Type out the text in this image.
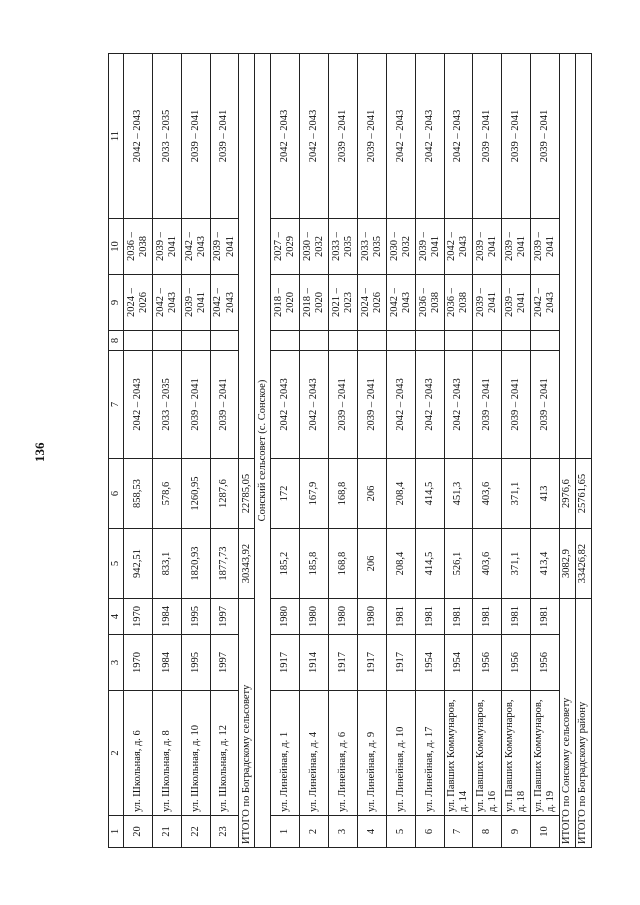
136
1	2	3	4	5	6	7	8	9	10	11
20	ул. Школьная, д. 6	1970	1970	942,51	858,53	2042 – 2043		2024 – 2026	2036 – 2038	2042 – 2043
21	ул. Школьная, д. 8	1984	1984	833,1	578,6	2033 – 2035		2042 – 2043	2039 – 2041	2033 – 2035
22	ул. Школьная, д. 10	1995	1995	1820,93	1260,95	2039 – 2041		2039 – 2041	2042 – 2043	2039 – 2041
23	ул. Школьная, д. 12	1997	1997	1877,73	1287,6	2039 – 2041		2042 – 2043	2039 – 2041	2039 – 2041
ИТОГО по Боградскому сельсовету				30343,92	22785,05					
Сонский сельсовет (с. Сонское)										
1	ул. Линейная, д. 1	1917	1980	185,2	172	2042 – 2043		2018 – 2020	2027 – 2029	2042 – 2043
2	ул. Линейная, д. 4	1914	1980	185,8	167,9	2042 – 2043		2018 – 2020	2030 – 2032	2042 – 2043
3	ул. Линейная, д. 6	1917	1980	168,8	168,8	2039 – 2041		2021 – 2023	2033 – 2035	2039 – 2041
4	ул. Линейная, д. 9	1917	1980	206	206	2039 – 2041		2024 – 2026	2033 – 2035	2039 – 2041
5	ул. Линейная, д. 10	1917	1981	208,4	208,4	2042 – 2043		2042 – 2043	2030 – 2032	2042 – 2043
6	ул. Линейная, д. 17	1954	1981	414,5	414,5	2042 – 2043		2036 – 2038	2039 – 2041	2042 – 2043
7	ул. Павших Коммунаров, д. 14	1954	1981	526,1	451,3	2042 – 2043		2036 – 2038	2042 – 2043	2042 – 2043
8	ул. Павших Коммунаров, д. 16	1956	1981	403,6	403,6	2039 – 2041		2039 – 2041	2039 – 2041	2039 – 2041
9	ул. Павших Коммунаров, д. 18	1956	1981	371,1	371,1	2039 – 2041		2039 – 2041	2039 – 2041	2039 – 2041
10	ул. Павших Коммунаров, д. 19	1956	1981	413,4	413	2039 – 2041		2042 – 2043	2039 – 2041	2039 – 2041
ИТОГО по Сонскому сельсовету				3082,9	2976,6					
ИТОГО по Боградскому району				33426,82	25761,65					
